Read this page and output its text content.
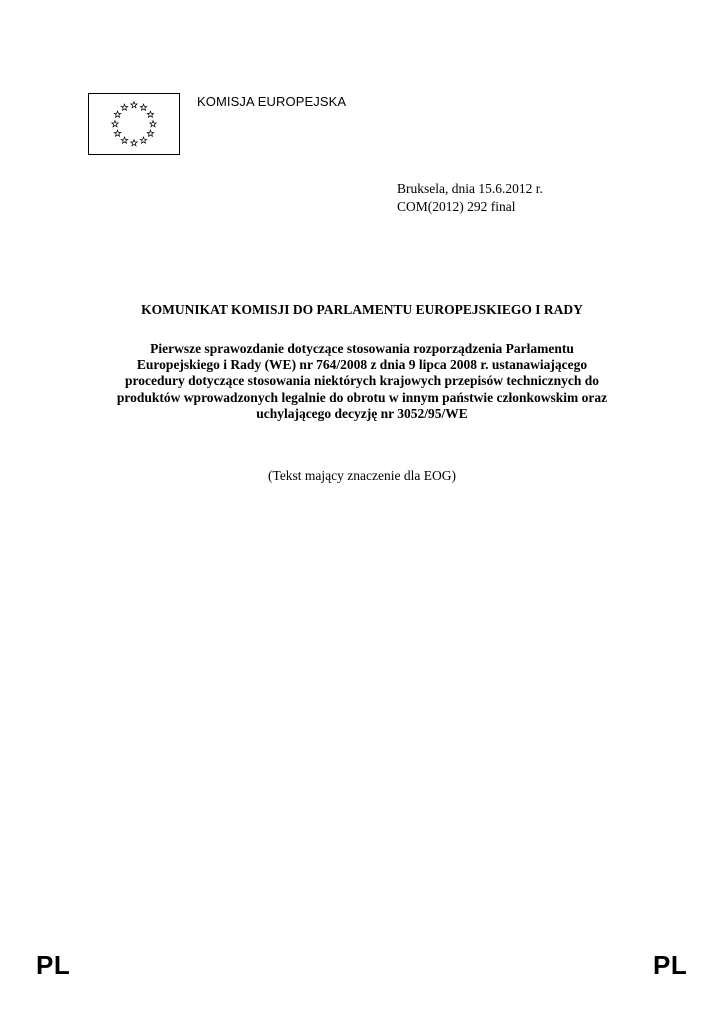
KOMISJA EUROPEJSKA
Bruksela, dnia 15.6.2012 r.
COM(2012) 292 final
KOMUNIKAT KOMISJI DO PARLAMENTU EUROPEJSKIEGO I RADY
Pierwsze sprawozdanie dotyczące stosowania rozporządzenia Parlamentu
Europejskiego i Rady (WE) nr 764/2008 z dnia 9 lipca 2008 r. ustanawiającego
procedury dotyczące stosowania niektórych krajowych przepisów technicznych do
produktów wprowadzonych legalnie do obrotu w innym państwie członkowskim oraz
uchylającego decyzję nr 3052/95/WE
(Tekst mający znaczenie dla EOG)
PL	PL
